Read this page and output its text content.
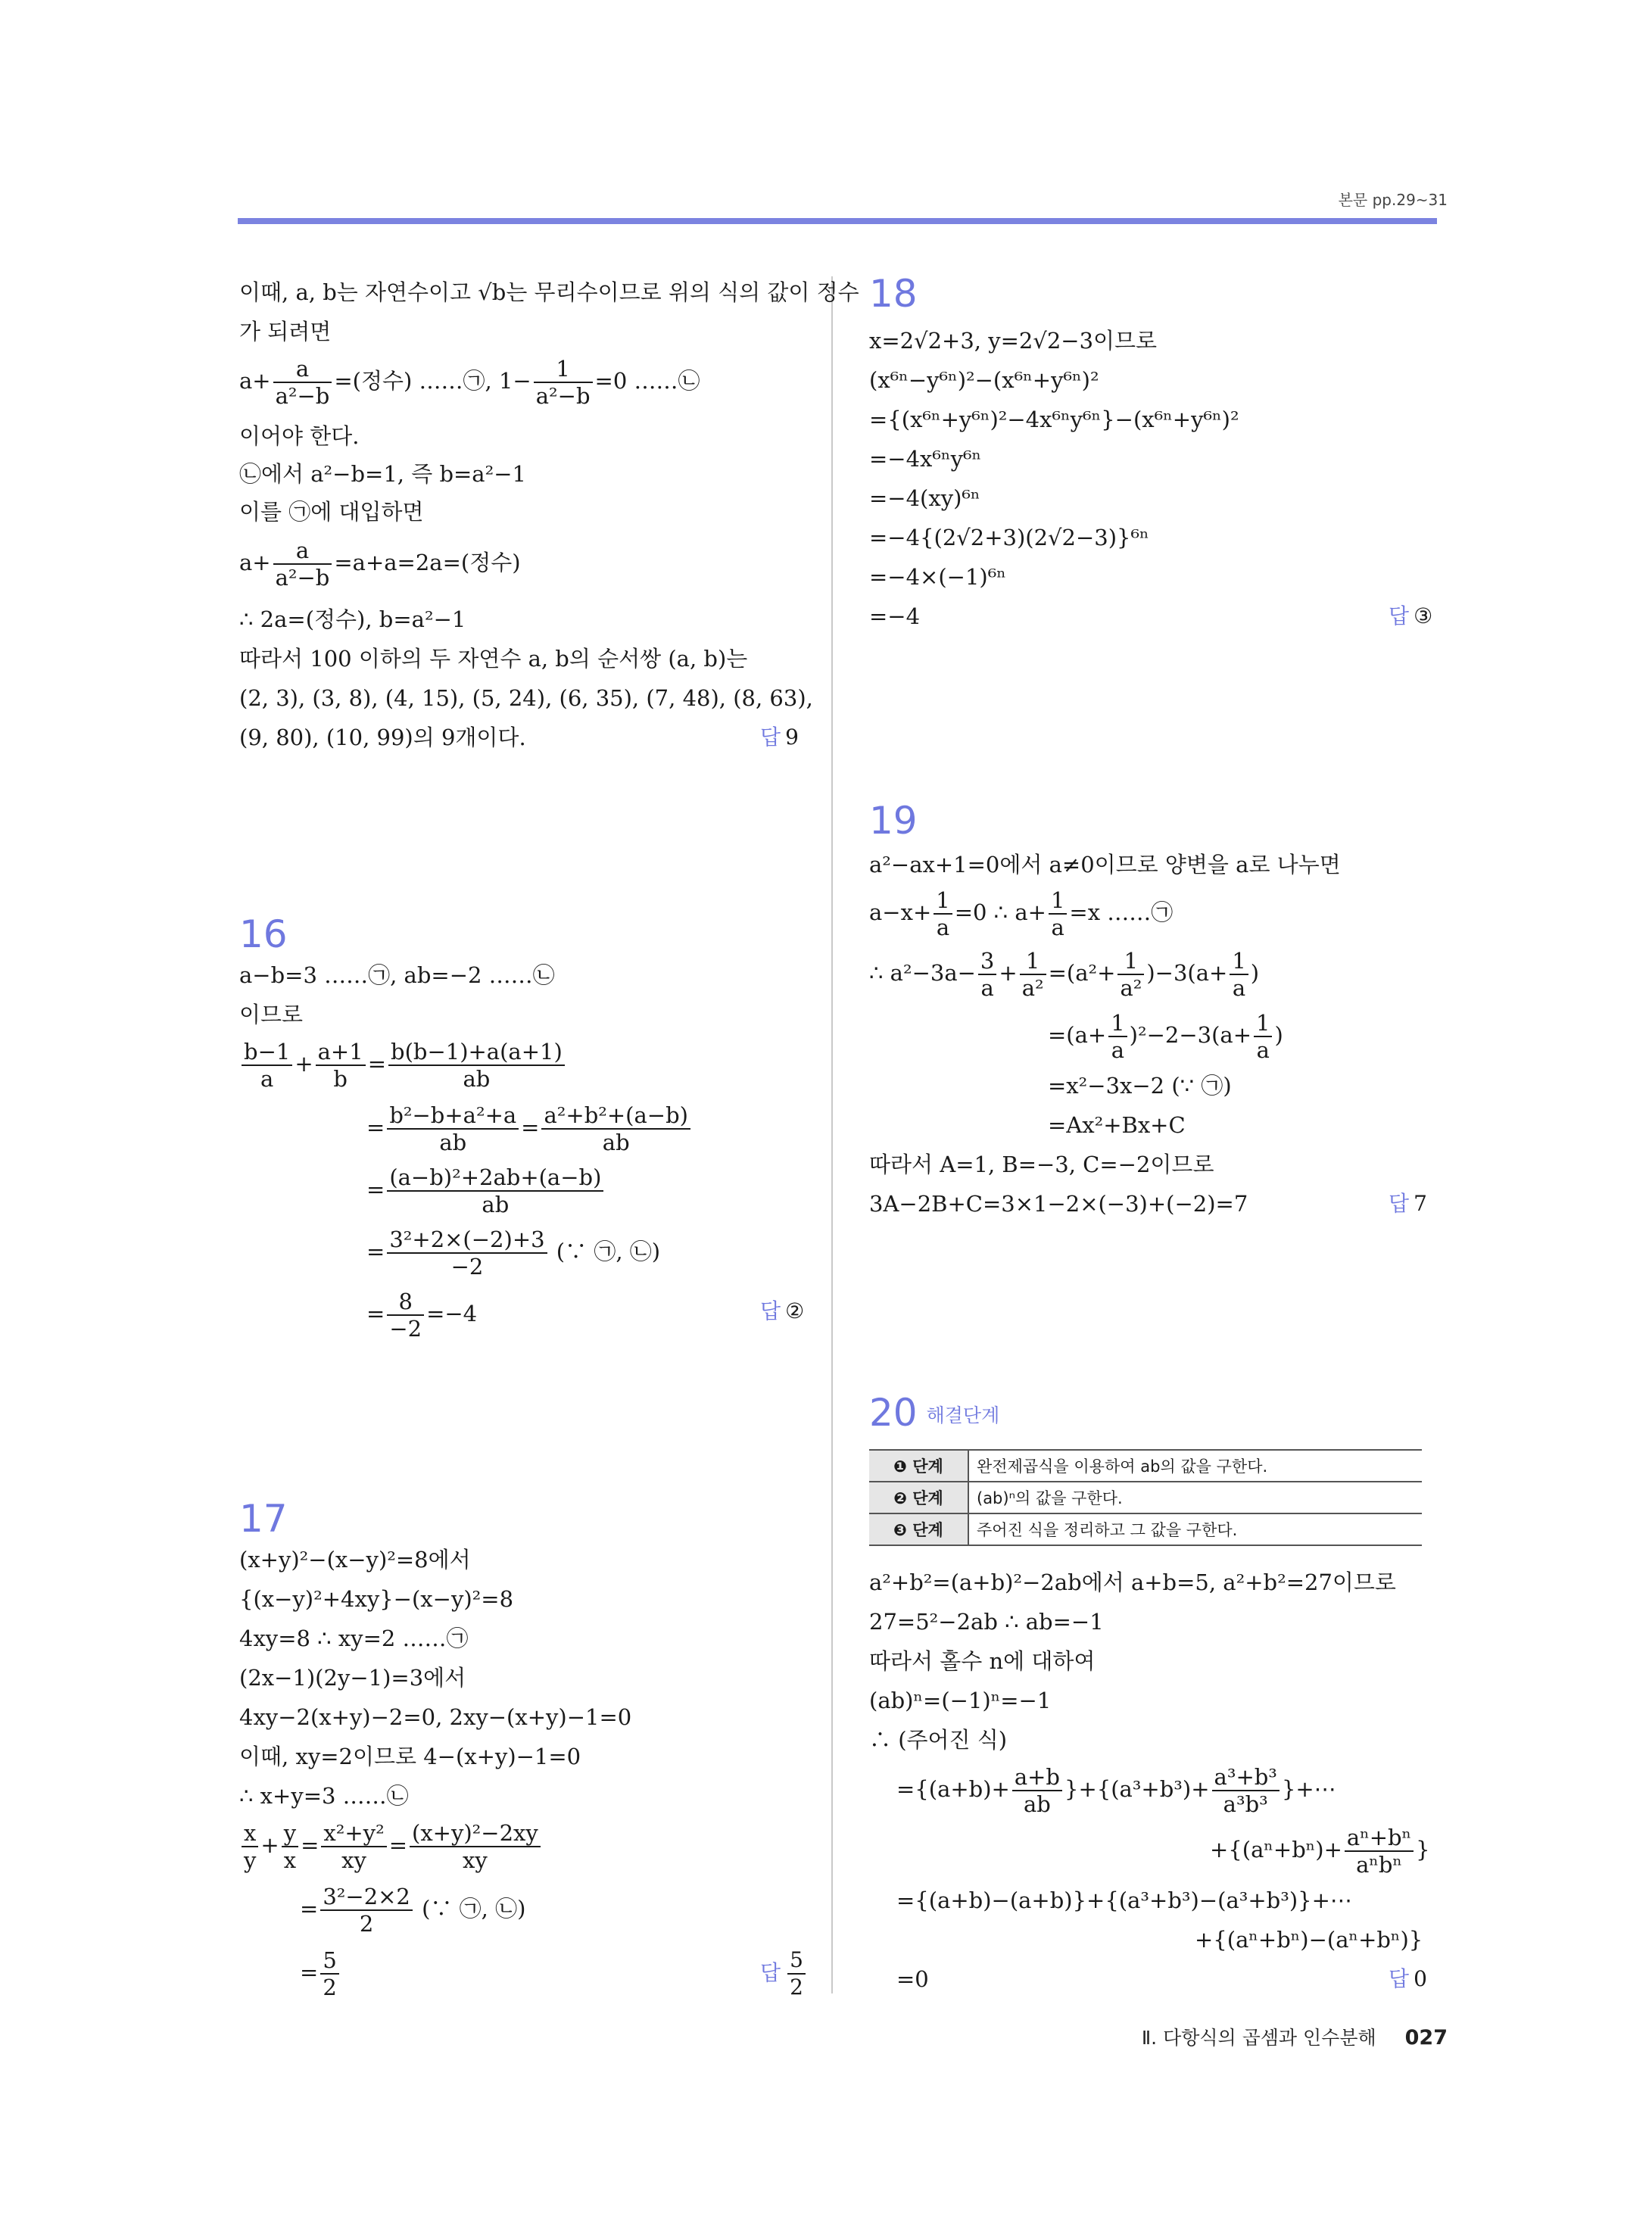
본문 pp.29~31
이때, a, b는 자연수이고 √b는 무리수이므로 위의 식의 값이 정수
가 되려면
$a+ \frac{a}{\text{a²−b}}$ =(정수) ……㉠, $1- \frac{1}{\text{a²−b}} =0$ ……㉡
이어야 한다.
㉡에서 a²−b=1, 즉 b=a²−1
이를 ㉠에 대입하면
$a+ \frac{a}{\text{a²−b}} =a+a=2a=$(정수)
∴ 2a=(정수), b=a²−1
따라서 100 이하의 두 자연수 a, b의 순서쌍 (a, b)는
(2, 3), (3, 8), (4, 15), (5, 24), (6, 35), (7, 48), (8, 63),
(9, 80), (10, 99)의 9개이다.	답 9
16
a−b=3 ……㉠, ab=−2 ……㉡
이므로
$\frac{b-1}{a} + \frac{a+1}{b} = \frac{b(b-1)+a(a+1)}{ab}$
= $\frac{\text{b²−b+a²+a}}{ab} = \frac{\text{a²+b²+(a−b)}}{ab}$
= $\frac{\text{(a−b)²+2ab+(a−b)}}{ab}$
= $\frac{\text{3²+2×(−2)+3}}{-2}$ (∵ ㉠, ㉡)
= $\frac{8}{-2} =-4$	답 ②
17
(x+y)²−(x−y)²=8에서
{(x−y)²+4xy}−(x−y)²=8
4xy=8 ∴ xy=2 ……㉠
(2x−1)(2y−1)=3에서
4xy−2(x+y)−2=0, 2xy−(x+y)−1=0
이때, xy=2이므로 4−(x+y)−1=0
∴ x+y=3 ……㉡
$\frac{x}{y} + \frac{y}{x} = \frac{\text{x²+y²}}{xy} = \frac{\text{(x+y)²−2xy}}{xy}$
= $\frac{\text{3²−2×2}}{2}$ (∵ ㉠, ㉡)
= $\frac{5}{2}$	답 $\frac{5}{2}$
18
x=2√2+3, y=2√2−3이므로
(x⁶ⁿ−y⁶ⁿ)²−(x⁶ⁿ+y⁶ⁿ)²
={(x⁶ⁿ+y⁶ⁿ)²−4x⁶ⁿy⁶ⁿ}−(x⁶ⁿ+y⁶ⁿ)²
=−4x⁶ⁿy⁶ⁿ
=−4(xy)⁶ⁿ
=−4{(2√2+3)(2√2−3)}⁶ⁿ
=−4×(−1)⁶ⁿ
=−4	답 ③
19
a²−ax+1=0에서 a≠0이므로 양변을 a로 나누면
$a-x+ \frac{1}{a} =0$ ∴ $a+ \frac{1}{a} =x$ ……㉠
∴ $a^2-3a- \frac{3}{a} + \frac{1}{\text{a²}} =(a^2+ \frac{1}{\text{a²}} )-3(a+ \frac{1}{a}$ )
$=(a+ \frac{1}{a} )^2-2-3(a+ \frac{1}{a}$ )
=x²−3x−2 (∵ ㉠)
=Ax²+Bx+C
따라서 A=1, B=−3, C=−2이므로
3A−2B+C=3×1−2×(−3)+(−2)=7	답 7
20 해결단계
❶ 단계	완전제곱식을 이용하여 ab의 값을 구한다.
❷ 단계	(ab)ⁿ의 값을 구한다.
❸ 단계	주어진 식을 정리하고 그 값을 구한다.
a²+b²=(a+b)²−2ab에서 a+b=5, a²+b²=27이므로
27=5²−2ab ∴ ab=−1
따라서 홀수 n에 대하여
(ab)ⁿ=(−1)ⁿ=−1
∴ (주어진 식)
$=\{(a+b)+ \frac{a+b}{ab} \}+\{(a^3+b^3)+ \frac{\text{a³+b³}}{\text{a³b³}}$ }+⋯
$+\{(a^n+b^n)+ \frac{\text{aⁿ+bⁿ}}{\text{aⁿbⁿ}}$ }
={(a+b)−(a+b)}+{(a³+b³)−(a³+b³)}+⋯
+{(aⁿ+bⁿ)−(aⁿ+bⁿ)}
=0	답 0
Ⅱ. 다항식의 곱셈과 인수분해 027
